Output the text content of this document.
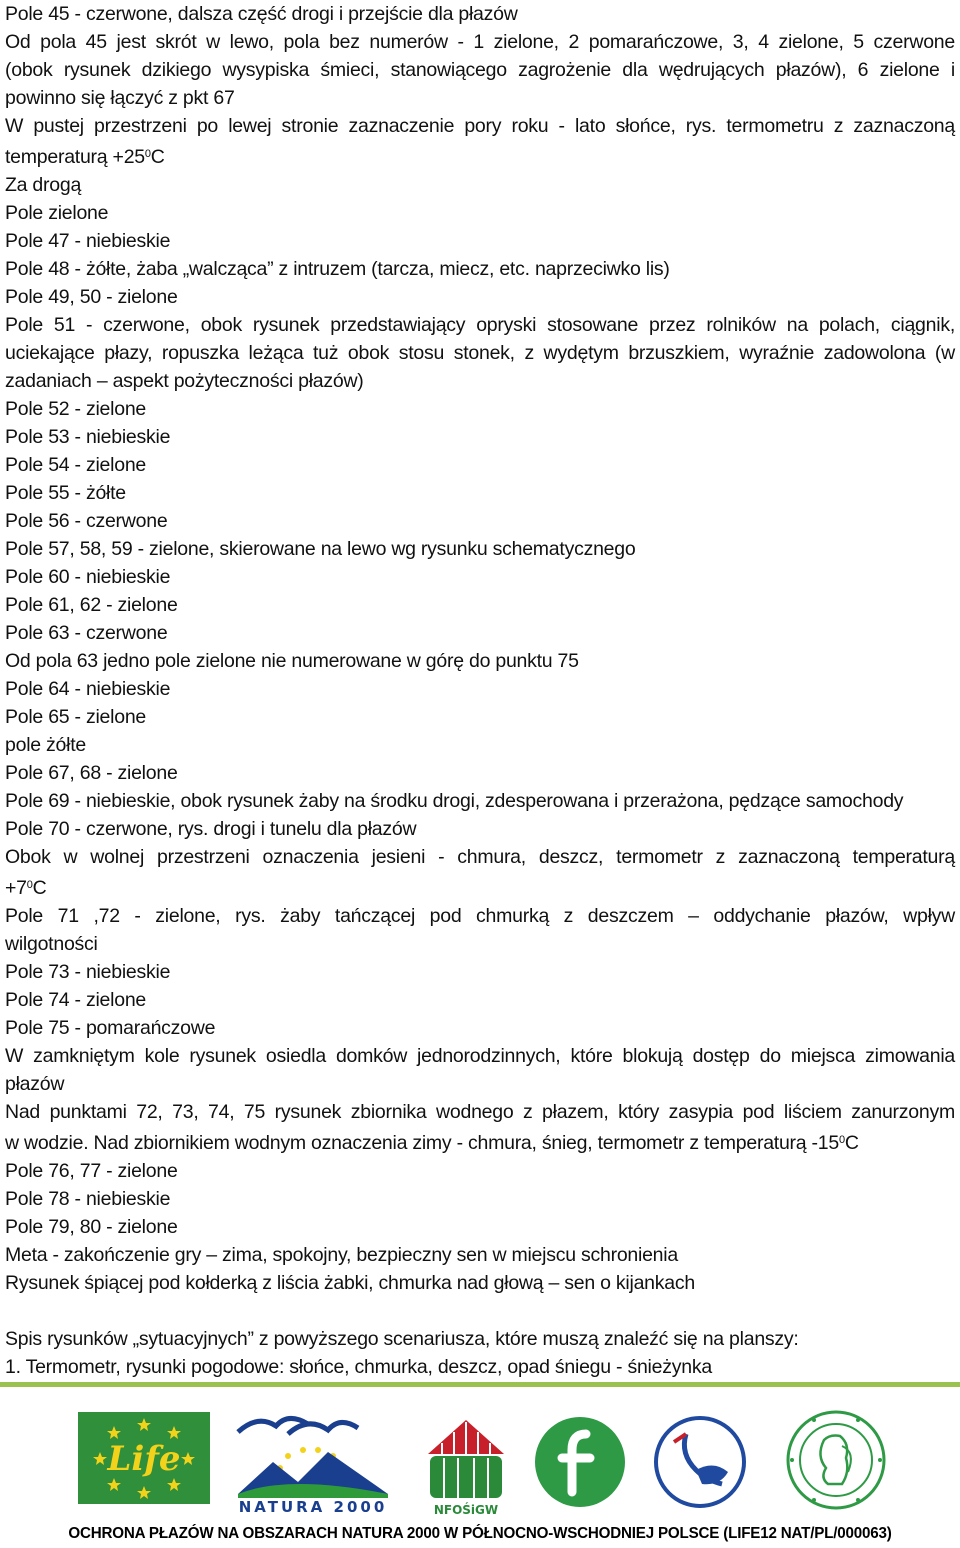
Pole 45 - czerwone, dalsza część drogi i przejście dla płazów
Od pola 45 jest skrót w lewo, pola bez numerów - 1 zielone, 2 pomarańczowe, 3, 4 zielone, 5 czerwone
(obok rysunek dzikiego wysypiska śmieci, stanowiącego zagrożenie dla wędrujących płazów), 6 zielone i
powinno się łączyć z pkt 67
W pustej przestrzeni po lewej stronie zaznaczenie pory roku - lato słońce, rys. termometru z zaznaczoną
temperaturą $+25^0C$
Za drogą
Pole zielone
Pole 47 - niebieskie
Pole 48 - żółte, żaba „walcząca” z intruzem (tarcza, miecz, etc. naprzeciwko lis)
Pole 49, 50 - zielone
Pole 51 - czerwone, obok rysunek przedstawiający opryski stosowane przez rolników na polach, ciągnik,
uciekające płazy, ropuszka leżąca tuż obok stosu stonek, z wydętym brzuszkiem, wyraźnie zadowolona (w
zadaniach – aspekt pożyteczności płazów)
Pole 52 - zielone
Pole 53 - niebieskie
Pole 54 - zielone
Pole 55 - żółte
Pole 56 - czerwone
Pole 57, 58, 59 - zielone, skierowane na lewo wg rysunku schematycznego
Pole 60 - niebieskie
Pole 61, 62 - zielone
Pole 63 - czerwone
Od pola 63 jedno pole zielone nie numerowane w górę do punktu 75
Pole 64 - niebieskie
Pole 65 - zielone
pole żółte
Pole 67, 68 - zielone
Pole 69 - niebieskie, obok rysunek żaby na środku drogi, zdesperowana i przerażona, pędzące samochody
Pole 70 - czerwone, rys. drogi i tunelu dla płazów
Obok w wolnej przestrzeni oznaczenia jesieni - chmura, deszcz, termometr z zaznaczoną temperaturą
$+7^0C$
Pole 71 ,72 - zielone, rys. żaby tańczącej pod chmurką z deszczem – oddychanie płazów, wpływ
wilgotności
Pole 73 - niebieskie
Pole 74 - zielone
Pole 75 - pomarańczowe
W zamkniętym kole rysunek osiedla domków jednorodzinnych, które blokują dostęp do miejsca zimowania
płazów
Nad punktami 72, 73, 74, 75 rysunek zbiornika wodnego z płazem, który zasypia pod liściem zanurzonym
w wodzie. Nad zbiornikiem wodnym oznaczenia zimy - chmura, śnieg, termometr z temperaturą $-15^0C$
Pole 76, 77 - zielone
Pole 78 - niebieskie
Pole 79, 80 - zielone
Meta - zakończenie gry – zima, spokojny, bezpieczny sen w miejscu schronienia
Rysunek śpiącej pod kołderką z liścia żabki, chmurka nad głową – sen o kijankach
Spis rysunków „sytuacyjnych” z powyższego scenariusza, które muszą znaleźć się na planszy:
1. Termometr, rysunki pogodowe: słońce, chmurka, deszcz, opad śniegu - śnieżynka
Life
NATURA 2000	NFOŚiGW
OCHRONA PŁAZÓW NA OBSZARACH NATURA 2000 W PÓŁNOCNO-WSCHODNIEJ POLSCE (LIFE12 NAT/PL/000063)
